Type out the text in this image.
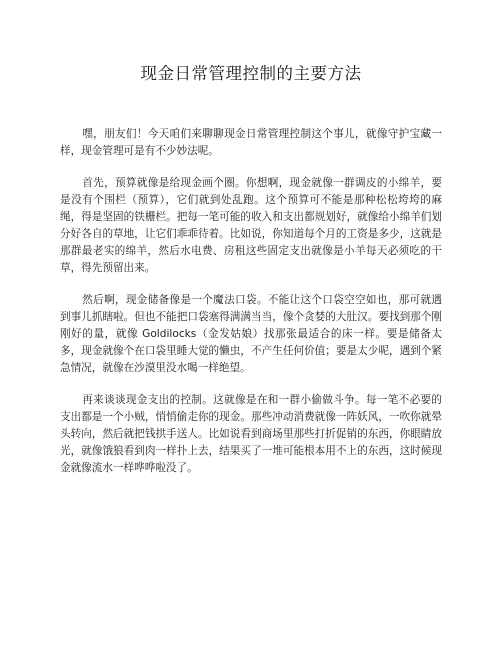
现金日常管理控制的主要方法

嘿，朋友们！今天咱们来聊聊现金日常管理控制这个事儿，就像守护宝藏一样，现金管理可是有不少妙法呢。

首先，预算就像是给现金画个圈。你想啊，现金就像一群调皮的小绵羊，要是没有个围栏（预算），它们就到处乱跑。这个预算可不能是那种松松垮垮的麻绳，得是坚固的铁栅栏。把每一笔可能的收入和支出都规划好，就像给小绵羊们划分好各自的草地，让它们乖乖待着。比如说，你知道每个月的工资是多少，这就是那群最老实的绵羊，然后水电费、房租这些固定支出就像是小羊每天必须吃的干草，得先预留出来。

然后啊，现金储备像是一个魔法口袋。不能让这个口袋空空如也，那可就遇到事儿抓瞎啦。但也不能把口袋塞得满满当当，像个贪婪的大肚汉。要找到那个刚刚好的量，就像 Goldilocks（金发姑娘）找那张最适合的床一样。要是储备太多，现金就像个在口袋里睡大觉的懒虫，不产生任何价值；要是太少呢，遇到个紧急情况，就像在沙漠里没水喝一样绝望。

再来谈谈现金支出的控制。这就像是在和一群小偷做斗争。每一笔不必要的支出都是一个小贼，悄悄偷走你的现金。那些冲动消费就像一阵妖风，一吹你就晕头转向，然后就把钱拱手送人。比如说看到商场里那些打折促销的东西，你眼睛放光，就像饿狼看到肉一样扑上去，结果买了一堆可能根本用不上的东西，这时候现金就像流水一样哗哗啦没了。
